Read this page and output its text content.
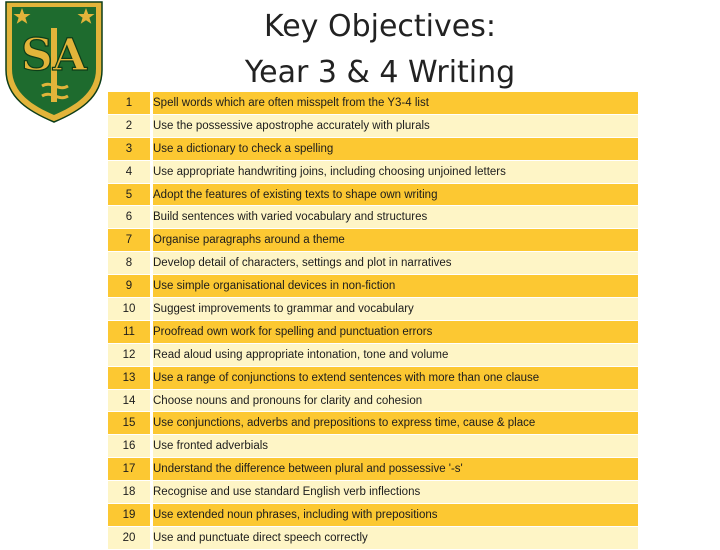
SA
Key Objectives:
Year 3 & 4 Writing
1	Spell words which are often misspelt from the Y3-4 list
2	Use the possessive apostrophe accurately with plurals
3	Use a dictionary to check a spelling
4	Use appropriate handwriting joins, including choosing unjoined letters
5	Adopt the features of existing texts to shape own writing
6	Build sentences with varied vocabulary and structures
7	Organise paragraphs around a theme
8	Develop detail of characters, settings and plot in narratives
9	Use simple organisational devices in non-fiction
10	Suggest improvements to grammar and vocabulary
11	Proofread own work for spelling and punctuation errors
12	Read aloud using appropriate intonation, tone and volume
13	Use a range of conjunctions to extend sentences with more than one clause
14	Choose nouns and pronouns for clarity and cohesion
15	Use conjunctions, adverbs and prepositions to express time, cause & place
16	Use fronted adverbials
17	Understand the difference between plural and possessive '-s'
18	Recognise and use standard English verb inflections
19	Use extended noun phrases, including with prepositions
20	Use and punctuate direct speech correctly
